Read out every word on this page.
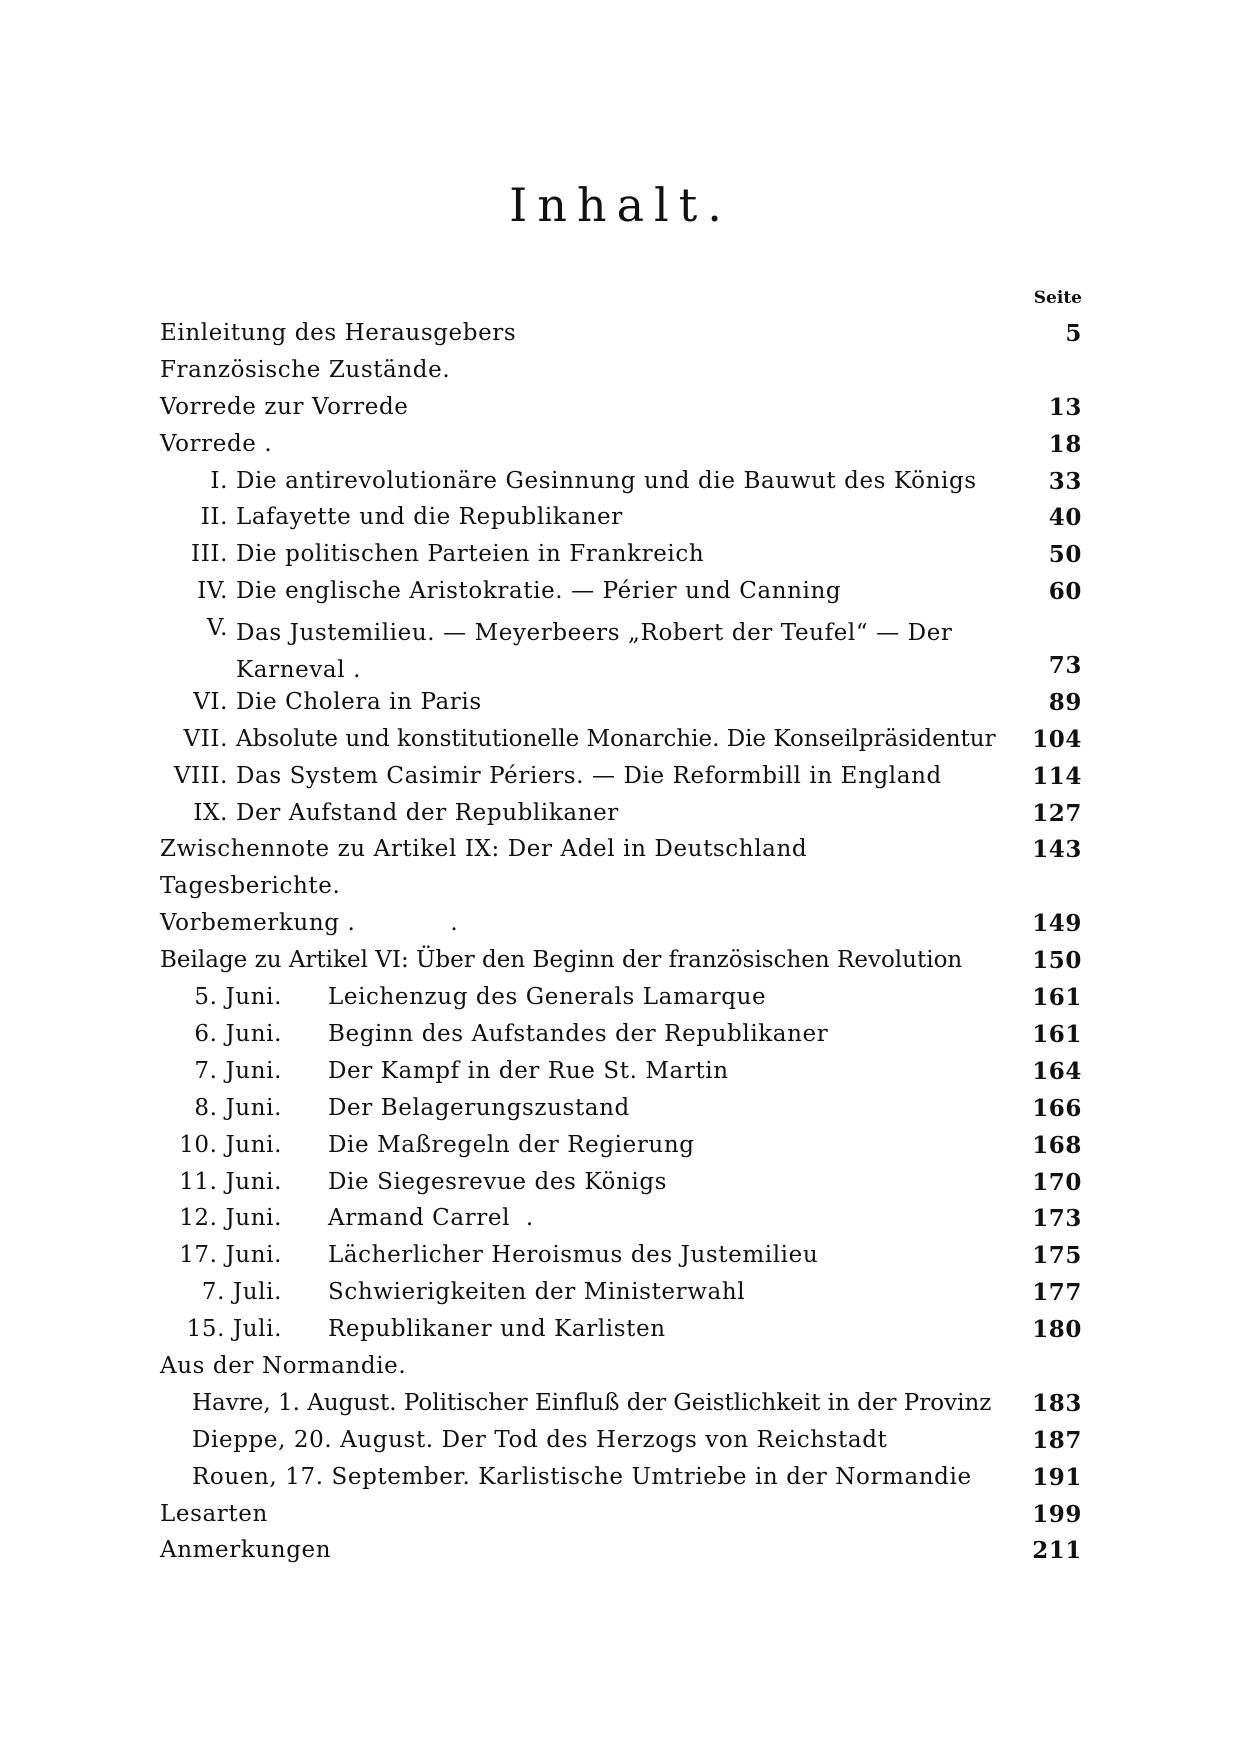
Inhalt.
Seite
Einleitung des Herausgebers	5
Französische Zustände.
Vorrede zur Vorrede	13
Vorrede .	18
I. Die antirevolutionäre Gesinnung und die Bauwut des Königs	33
II. Lafayette und die Republikaner	40
III. Die politischen Parteien in Frankreich	50
IV. Die englische Aristokratie. — Périer und Canning	60
V. Das Justemilieu. — Meyerbeers „Robert der Teufel“ — Der Karneval .	73
VI. Die Cholera in Paris	89
VII. Absolute und konstitutionelle Monarchie. Die Konseilpräsidentur	104
VIII. Das System Casimir Périers. — Die Reformbill in England	114
IX. Der Aufstand der Republikaner	127
Zwischennote zu Artikel IX: Der Adel in Deutschland	143
Tagesberichte.
Vorbemerkung .            .	149
Beilage zu Artikel VI: Über den Beginn der französischen Revolution	150
5. Juni. Leichenzug des Generals Lamarque	161
6. Juni. Beginn des Aufstandes der Republikaner	161
7. Juni. Der Kampf in der Rue St. Martin	164
8. Juni. Der Belagerungszustand	166
10. Juni. Die Maßregeln der Regierung	168
11. Juni. Die Siegesrevue des Königs	170
12. Juni. Armand Carrel  .	173
17. Juni. Lächerlicher Heroismus des Justemilieu	175
7. Juli. Schwierigkeiten der Ministerwahl	177
15. Juli. Republikaner und Karlisten	180
Aus der Normandie.
Havre, 1. August. Politischer Einfluß der Geistlichkeit in der Provinz	183
Dieppe, 20. August. Der Tod des Herzogs von Reichstadt	187
Rouen, 17. September. Karlistische Umtriebe in der Normandie	191
Lesarten	199
Anmerkungen	211
